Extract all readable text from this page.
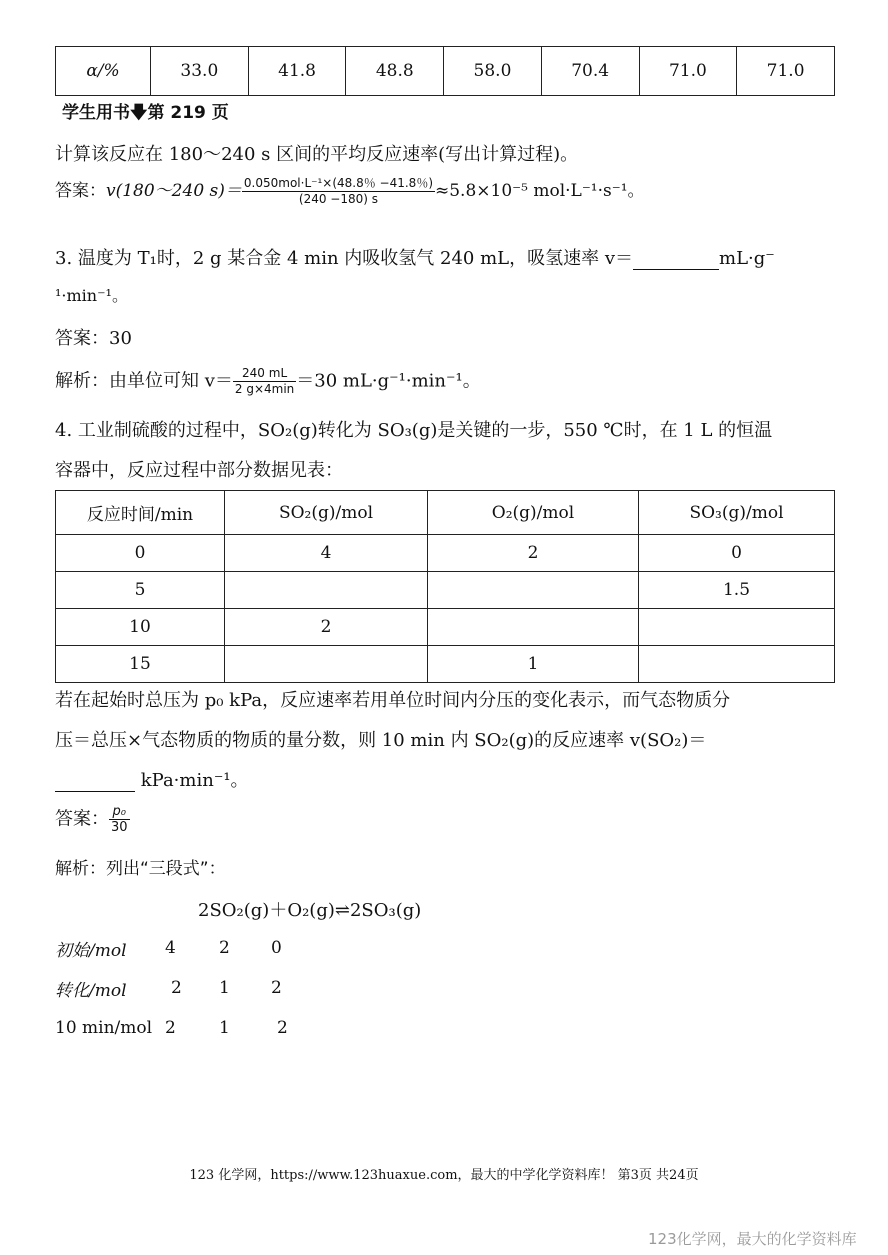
α/%	33.0	41.8	48.8	58.0	70.4	71.0	71.0
学生用书🡇第 219 页
计算该反应在 180～240 s 区间的平均反应速率(写出计算过程)。
答案：v(180～240 $s)= \frac{\text{0.050mol·L⁻¹×(48.8％ −41.8％)}}{(240 -180) s} \approx 5.8\times 10^{-5}$ mol·L⁻¹·s⁻¹。
3. 温度为 T₁时，2 g 某合金 4 min 内吸收氢气 240 mL，吸氢速率 v＝	mL·g⁻
¹·min⁻¹。
答案：30
解析：由单位可知 $v= \frac{240 mL}{2 g\times 4\min} =30$ mL·g⁻¹·min⁻¹。
4. 工业制硫酸的过程中，SO₂(g)转化为 SO₃(g)是关键的一步，550 ℃时，在 1 L 的恒温
容器中，反应过程中部分数据见表：
反应时间/min	SO₂(g)/mol	O₂(g)/mol	SO₃(g)/mol
0	4	2	0
5			1.5
10	2		
15		1	
若在起始时总压为 p₀ kPa，反应速率若用单位时间内分压的变化表示，而气态物质分
压＝总压×气态物质的物质的量分数，则 10 min 内 SO₂(g)的反应速率 v(SO₂)＝
kPa·min⁻¹。
答案： $\frac{\text{p₀}}{30}$
解析：列出“三段式”：
2SO₂(g)＋O₂(g)⇌2SO₃(g)
初始/mol	4	2	0
转化/mol	2	1	2
10 min/mol	2	1	2
123 化学网，https://www.123huaxue.com，最大的中学化学资料库！ 第3页 共24页
123化学网，最大的化学资料库
